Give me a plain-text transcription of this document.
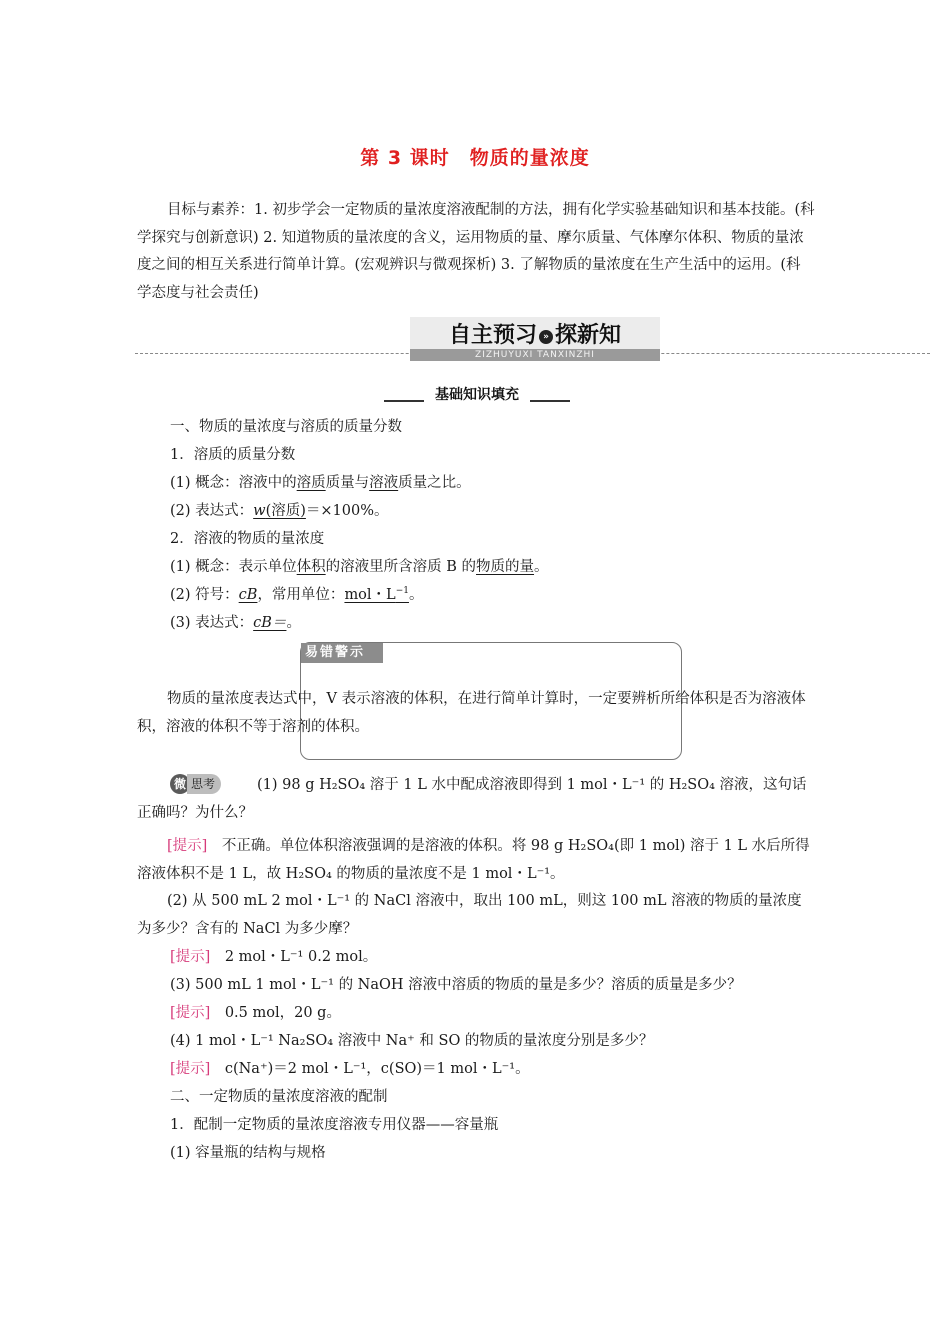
第 3 课时　物质的量浓度
目标与素养：1. 初步学会一定物质的量浓度溶液配制的方法，拥有化学实验基础知识和基本技能。(科学探究与创新意识) 2. 知道物质的量浓度的含义，运用物质的量、摩尔质量、气体摩尔体积、物质的量浓度之间的相互关系进行简单计算。(宏观辨识与微观探析) 3. 了解物质的量浓度在生产生活中的运用。(科学态度与社会责任)
自主预习 » 探新知
ZIZHUYUXI TANXINZHI
基础知识填充
一、物质的量浓度与溶质的质量分数
1．溶质的质量分数
(1) 概念：溶液中的溶质质量与溶液质量之比。
(2) 表达式：w(溶质)＝×100%。
2．溶液的物质的量浓度
(1) 概念：表示单位体积的溶液里所含溶质 B 的物质的量。
(2) 符号：cB，常用单位：mol・$L^{-1}$。
(3) 表达式：cB＝。
易错警示
物质的量浓度表达式中，V 表示溶液的体积，在进行简单计算时，一定要辨析所给体积是否为溶液体积，溶液的体积不等于溶剂的体积。
微 思考	(1) 98 g H₂SO₄ 溶于 1 L 水中配成溶液即得到 1 mol・L⁻¹ 的 H₂SO₄ 溶液，这句话正确吗？为什么？
[提示]　 不正确。单位体积溶液强调的是溶液的体积。将 98 g H₂SO₄(即 1 mol) 溶于 1 L 水后所得溶液体积不是 1 L，故 H₂SO₄ 的物质的量浓度不是 1 mol・L⁻¹。
(2) 从 500 mL 2 mol・L⁻¹ 的 NaCl 溶液中，取出 100 mL，则这 100 mL 溶液的物质的量浓度为多少？含有的 NaCl 为多少摩？
[提示]　 2 mol・L⁻¹ 0.2 mol。
(3) 500 mL 1 mol・L⁻¹ 的 NaOH 溶液中溶质的物质的量是多少？溶质的质量是多少？
[提示]　 0.5 mol，20 g。
(4) 1 mol・L⁻¹ Na₂SO₄ 溶液中 Na⁺ 和 SO 的物质的量浓度分别是多少？
[提示]　 c(Na⁺)＝2 mol・L⁻¹，c(SO)＝1 mol・L⁻¹。
二、一定物质的量浓度溶液的配制
1．配制一定物质的量浓度溶液专用仪器——容量瓶
(1) 容量瓶的结构与规格
